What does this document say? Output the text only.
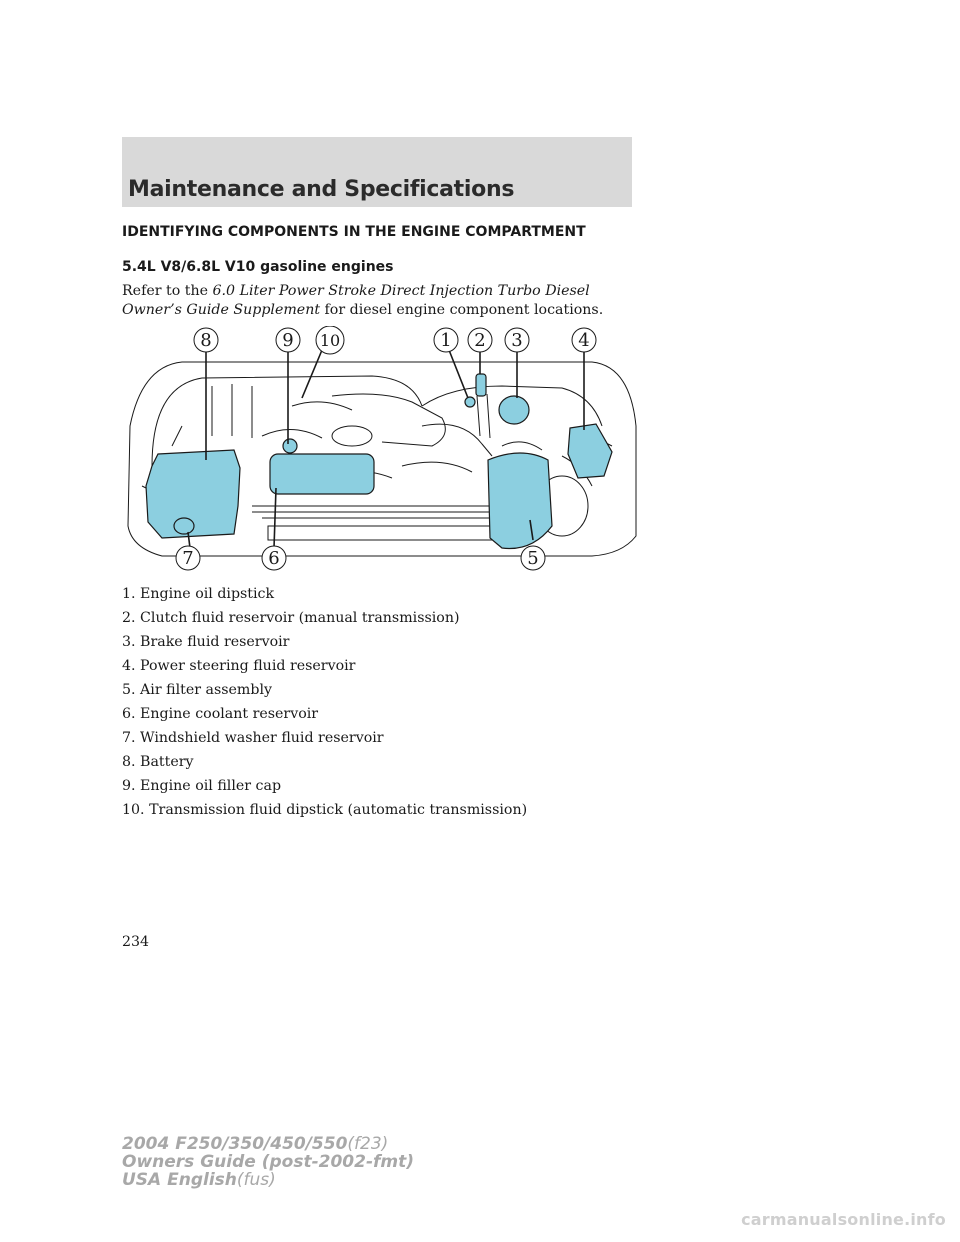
Maintenance and Specifications
IDENTIFYING COMPONENTS IN THE ENGINE COMPARTMENT
5.4L V8/6.8L V10 gasoline engines
Refer to the 6.0 Liter Power Stroke Direct Injection Turbo Diesel
Owner’s Guide Supplement for diesel engine component locations.
8	9 10	1 2 3	4
5
6
7
1. Engine oil dipstick
2. Clutch fluid reservoir (manual transmission)
3. Brake fluid reservoir
4. Power steering fluid reservoir
5. Air filter assembly
6. Engine coolant reservoir
7. Windshield washer fluid reservoir
8. Battery
9. Engine oil filler cap
10. Transmission fluid dipstick (automatic transmission)
234
2004 F250/350/450/550(f23)
Owners Guide (post-2002-fmt)
USA English(fus)
carmanualsonline.info
